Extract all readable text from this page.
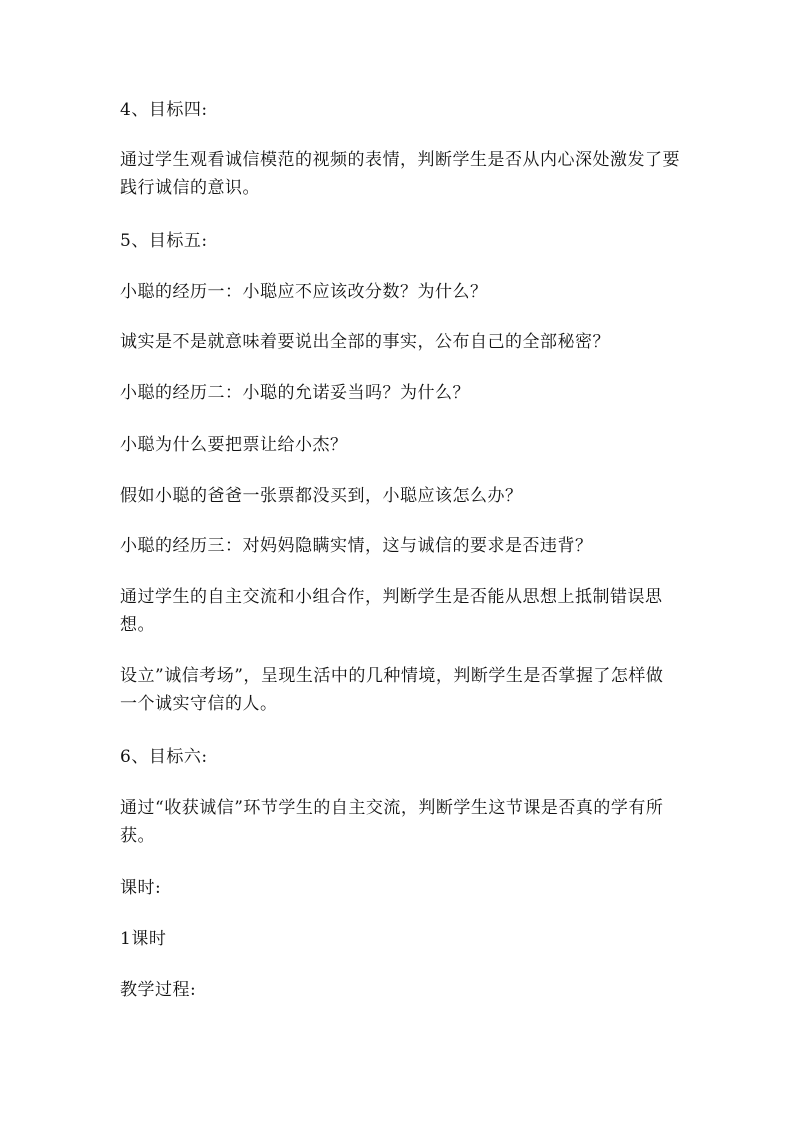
4、目标四:

通过学生观看诚信模范的视频的表情，判断学生是否从内心深处激发了要践行诚信的意识。

5、目标五:

小聪的经历一：小聪应不应该改分数？为什么？

诚实是不是就意味着要说出全部的事实，公布自己的全部秘密？

小聪的经历二：小聪的允诺妥当吗？为什么？

小聪为什么要把票让给小杰？

假如小聪的爸爸一张票都没买到，小聪应该怎么办？

小聪的经历三：对妈妈隐瞒实情，这与诚信的要求是否违背？

通过学生的自主交流和小组合作，判断学生是否能从思想上抵制错误思想。

设立”诚信考场”，呈现生活中的几种情境，判断学生是否掌握了怎样做一个诚实守信的人。

6、目标六:

通过“收获诚信”环节学生的自主交流，判断学生这节课是否真的学有所获。

课时:

1课时

教学过程:
